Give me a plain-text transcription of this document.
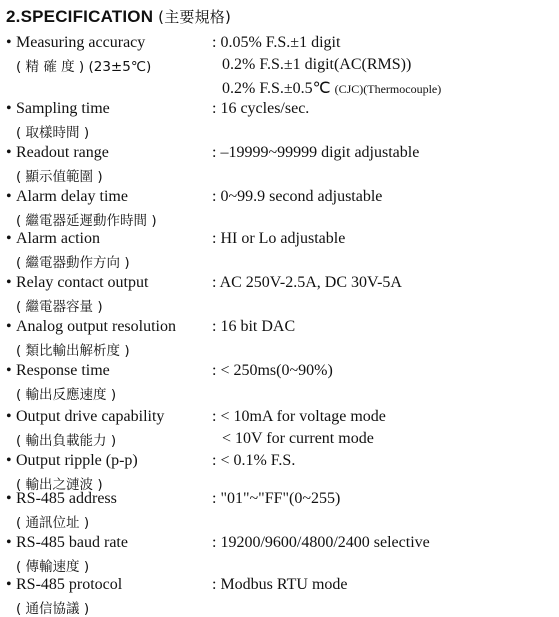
2.SPECIFICATION (主要規格)
• Measuring accuracy
( 精 確 度 ) (23±5℃)
: 0.05% F.S.±1 digit
0.2% F.S.±1 digit(AC(RMS))
0.2% F.S.±0.5℃ (CJC)(Thermocouple)
• Sampling time
( 取樣時間 )
: 16 cycles/sec.
• Readout range
( 顯示值範圍 )
: ‒19999~99999 digit adjustable
• Alarm delay time
( 繼電器延遲動作時間 )
: 0~99.9 second adjustable
• Alarm action
( 繼電器動作方向 )
: HI or Lo adjustable
• Relay contact output
( 繼電器容量 )
: AC 250V-2.5A, DC 30V-5A
• Analog output resolution
( 類比輸出解析度 )
: 16 bit DAC
• Response time
( 輸出反應速度 )
: < 250ms(0~90%)
• Output drive capability
( 輸出負載能力 )
: < 10mA for voltage mode
< 10V for current mode
• Output ripple (p-p)
( 輸出之漣波 )
: < 0.1% F.S.
• RS-485 address
( 通訊位址 )
: "01"~"FF"(0~255)
• RS-485 baud rate
( 傳輸速度 )
: 19200/9600/4800/2400 selective
• RS-485 protocol
( 通信協議 )
: Modbus RTU mode
